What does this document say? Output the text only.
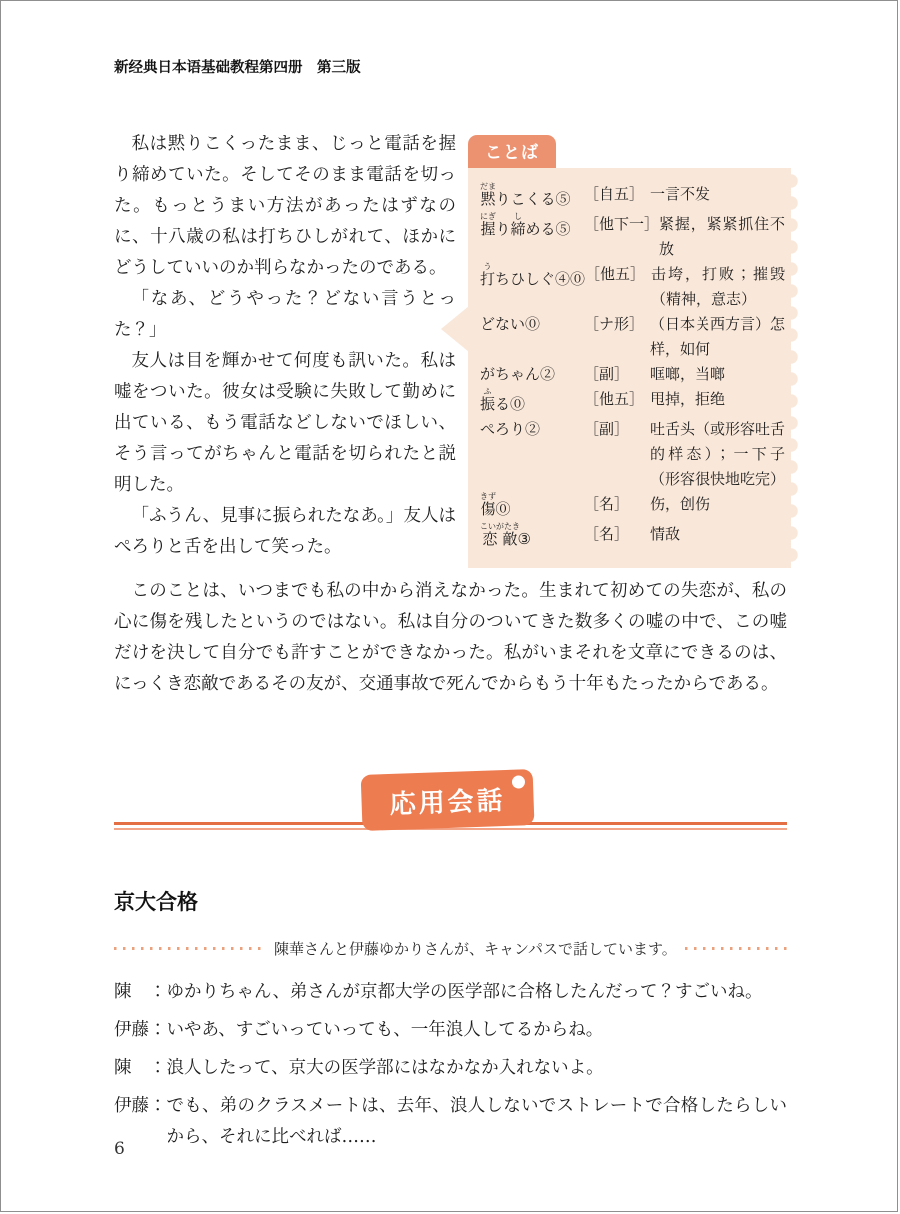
新经典日本语基础教程第四册　第三版

私は黙りこくったまま、じっと電話を握り締めていた。そしてそのまま電話を切った。もっとうまい方法があったはずなのに、十八歳の私は打ちひしがれて、ほかにどうしていいのか判らなかったのである。

「なあ、どうやった？どない言うとった？」

友人は目を輝かせて何度も訊いた。私は嘘をついた。彼女は受験に失敗して勤めに出ている、もう電話などしないでほしい、そう言ってがちゃんと電話を切られたと説明した。

「ふうん、見事に振られたなあ。」友人はぺろりと舌を出して笑った。

ことば
黙だまりこくる⑤ ［自五］ 一言不发
握にぎり締しめる⑤ ［他下一］ 紧握，紧紧抓住不放
打うちひしぐ④⓪ ［他五］ 击垮，打败；摧毁（精神，意志）
どない⓪	［ナ形］ （日本关西方言）怎样，如何
がちゃん②	［副］	哐啷，当啷
振ふる⓪	［他五］ 甩掉，拒绝
ぺろり②	［副］	吐舌头（或形容吐舌的样态）；一下子（形容很快地吃完）
傷きず⓪	［名］	伤，创伤
恋敵こいがたき③	［名］	情敌

このことは、いつまでも私の中から消えなかった。生まれて初めての失恋が、私の心に傷を残したというのではない。私は自分のついてきた数多くの嘘の中で、この嘘だけを決して自分でも許すことができなかった。私がいまそれを文章にできるのは、にっくき恋敵であるその友が、交通事故で死んでからもう十年もたったからである。

応用会話
京大合格
陳華さんと伊藤ゆかりさんが、キャンパスで話しています。
陳　： ゆかりちゃん、弟さんが京都大学の医学部に合格したんだって？すごいね。
伊藤： いやあ、すごいっていっても、一年浪人してるからね。
陳　： 浪人したって、京大の医学部にはなかなか入れないよ。
伊藤： でも、弟のクラスメートは、去年、浪人しないでストレートで合格したらしいから、それに比べれば……
6
